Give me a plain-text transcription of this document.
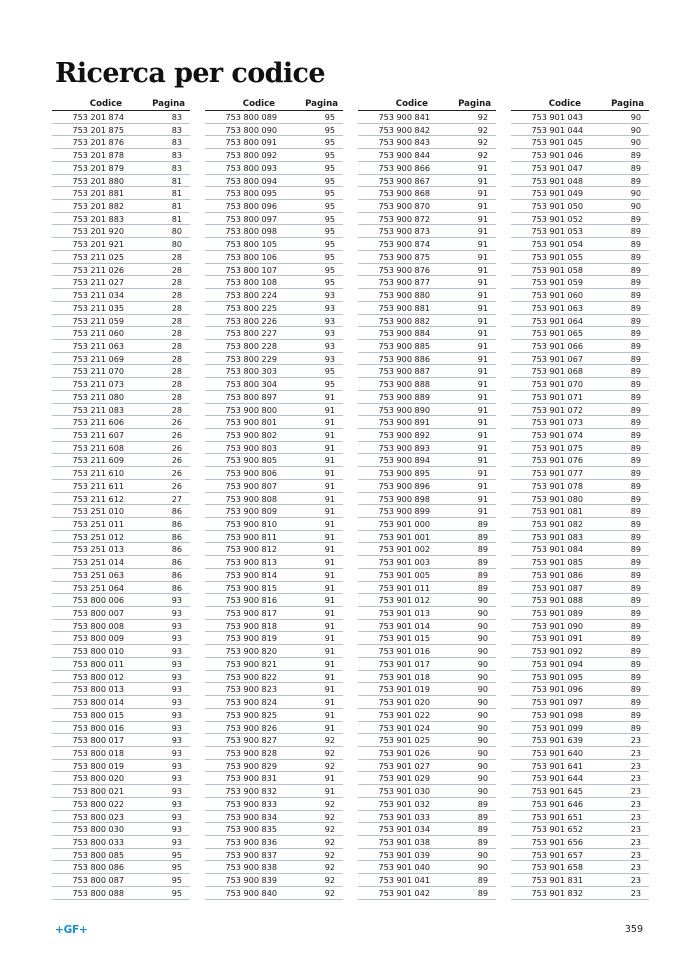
Ricerca per codice
Codice	Pagina
753 201 874	83
753 201 875	83
753 201 876	83
753 201 878	83
753 201 879	83
753 201 880	81
753 201 881	81
753 201 882	81
753 201 883	81
753 201 920	80
753 201 921	80
753 211 025	28
753 211 026	28
753 211 027	28
753 211 034	28
753 211 035	28
753 211 059	28
753 211 060	28
753 211 063	28
753 211 069	28
753 211 070	28
753 211 073	28
753 211 080	28
753 211 083	28
753 211 606	26
753 211 607	26
753 211 608	26
753 211 609	26
753 211 610	26
753 211 611	26
753 211 612	27
753 251 010	86
753 251 011	86
753 251 012	86
753 251 013	86
753 251 014	86
753 251 063	86
753 251 064	86
753 800 006	93
753 800 007	93
753 800 008	93
753 800 009	93
753 800 010	93
753 800 011	93
753 800 012	93
753 800 013	93
753 800 014	93
753 800 015	93
753 800 016	93
753 800 017	93
753 800 018	93
753 800 019	93
753 800 020	93
753 800 021	93
753 800 022	93
753 800 023	93
753 800 030	93
753 800 033	93
753 800 085	95
753 800 086	95
753 800 087	95
753 800 088	95
Codice	Pagina
753 800 089	95
753 800 090	95
753 800 091	95
753 800 092	95
753 800 093	95
753 800 094	95
753 800 095	95
753 800 096	95
753 800 097	95
753 800 098	95
753 800 105	95
753 800 106	95
753 800 107	95
753 800 108	95
753 800 224	93
753 800 225	93
753 800 226	93
753 800 227	93
753 800 228	93
753 800 229	93
753 800 303	95
753 800 304	95
753 800 897	91
753 900 800	91
753 900 801	91
753 900 802	91
753 900 803	91
753 900 805	91
753 900 806	91
753 900 807	91
753 900 808	91
753 900 809	91
753 900 810	91
753 900 811	91
753 900 812	91
753 900 813	91
753 900 814	91
753 900 815	91
753 900 816	91
753 900 817	91
753 900 818	91
753 900 819	91
753 900 820	91
753 900 821	91
753 900 822	91
753 900 823	91
753 900 824	91
753 900 825	91
753 900 826	91
753 900 827	92
753 900 828	92
753 900 829	92
753 900 831	91
753 900 832	91
753 900 833	92
753 900 834	92
753 900 835	92
753 900 836	92
753 900 837	92
753 900 838	92
753 900 839	92
753 900 840	92
Codice	Pagina
753 900 841	92
753 900 842	92
753 900 843	92
753 900 844	92
753 900 866	91
753 900 867	91
753 900 868	91
753 900 870	91
753 900 872	91
753 900 873	91
753 900 874	91
753 900 875	91
753 900 876	91
753 900 877	91
753 900 880	91
753 900 881	91
753 900 882	91
753 900 884	91
753 900 885	91
753 900 886	91
753 900 887	91
753 900 888	91
753 900 889	91
753 900 890	91
753 900 891	91
753 900 892	91
753 900 893	91
753 900 894	91
753 900 895	91
753 900 896	91
753 900 898	91
753 900 899	91
753 901 000	89
753 901 001	89
753 901 002	89
753 901 003	89
753 901 005	89
753 901 011	89
753 901 012	90
753 901 013	90
753 901 014	90
753 901 015	90
753 901 016	90
753 901 017	90
753 901 018	90
753 901 019	90
753 901 020	90
753 901 022	90
753 901 024	90
753 901 025	90
753 901 026	90
753 901 027	90
753 901 029	90
753 901 030	90
753 901 032	89
753 901 033	89
753 901 034	89
753 901 038	89
753 901 039	90
753 901 040	90
753 901 041	89
753 901 042	89
Codice	Pagina
753 901 043	90
753 901 044	90
753 901 045	90
753 901 046	89
753 901 047	89
753 901 048	89
753 901 049	90
753 901 050	90
753 901 052	89
753 901 053	89
753 901 054	89
753 901 055	89
753 901 058	89
753 901 059	89
753 901 060	89
753 901 063	89
753 901 064	89
753 901 065	89
753 901 066	89
753 901 067	89
753 901 068	89
753 901 070	89
753 901 071	89
753 901 072	89
753 901 073	89
753 901 074	89
753 901 075	89
753 901 076	89
753 901 077	89
753 901 078	89
753 901 080	89
753 901 081	89
753 901 082	89
753 901 083	89
753 901 084	89
753 901 085	89
753 901 086	89
753 901 087	89
753 901 088	89
753 901 089	89
753 901 090	89
753 901 091	89
753 901 092	89
753 901 094	89
753 901 095	89
753 901 096	89
753 901 097	89
753 901 098	89
753 901 099	89
753 901 639	23
753 901 640	23
753 901 641	23
753 901 644	23
753 901 645	23
753 901 646	23
753 901 651	23
753 901 652	23
753 901 656	23
753 901 657	23
753 901 658	23
753 901 831	23
753 901 832	23
+GF+	359
